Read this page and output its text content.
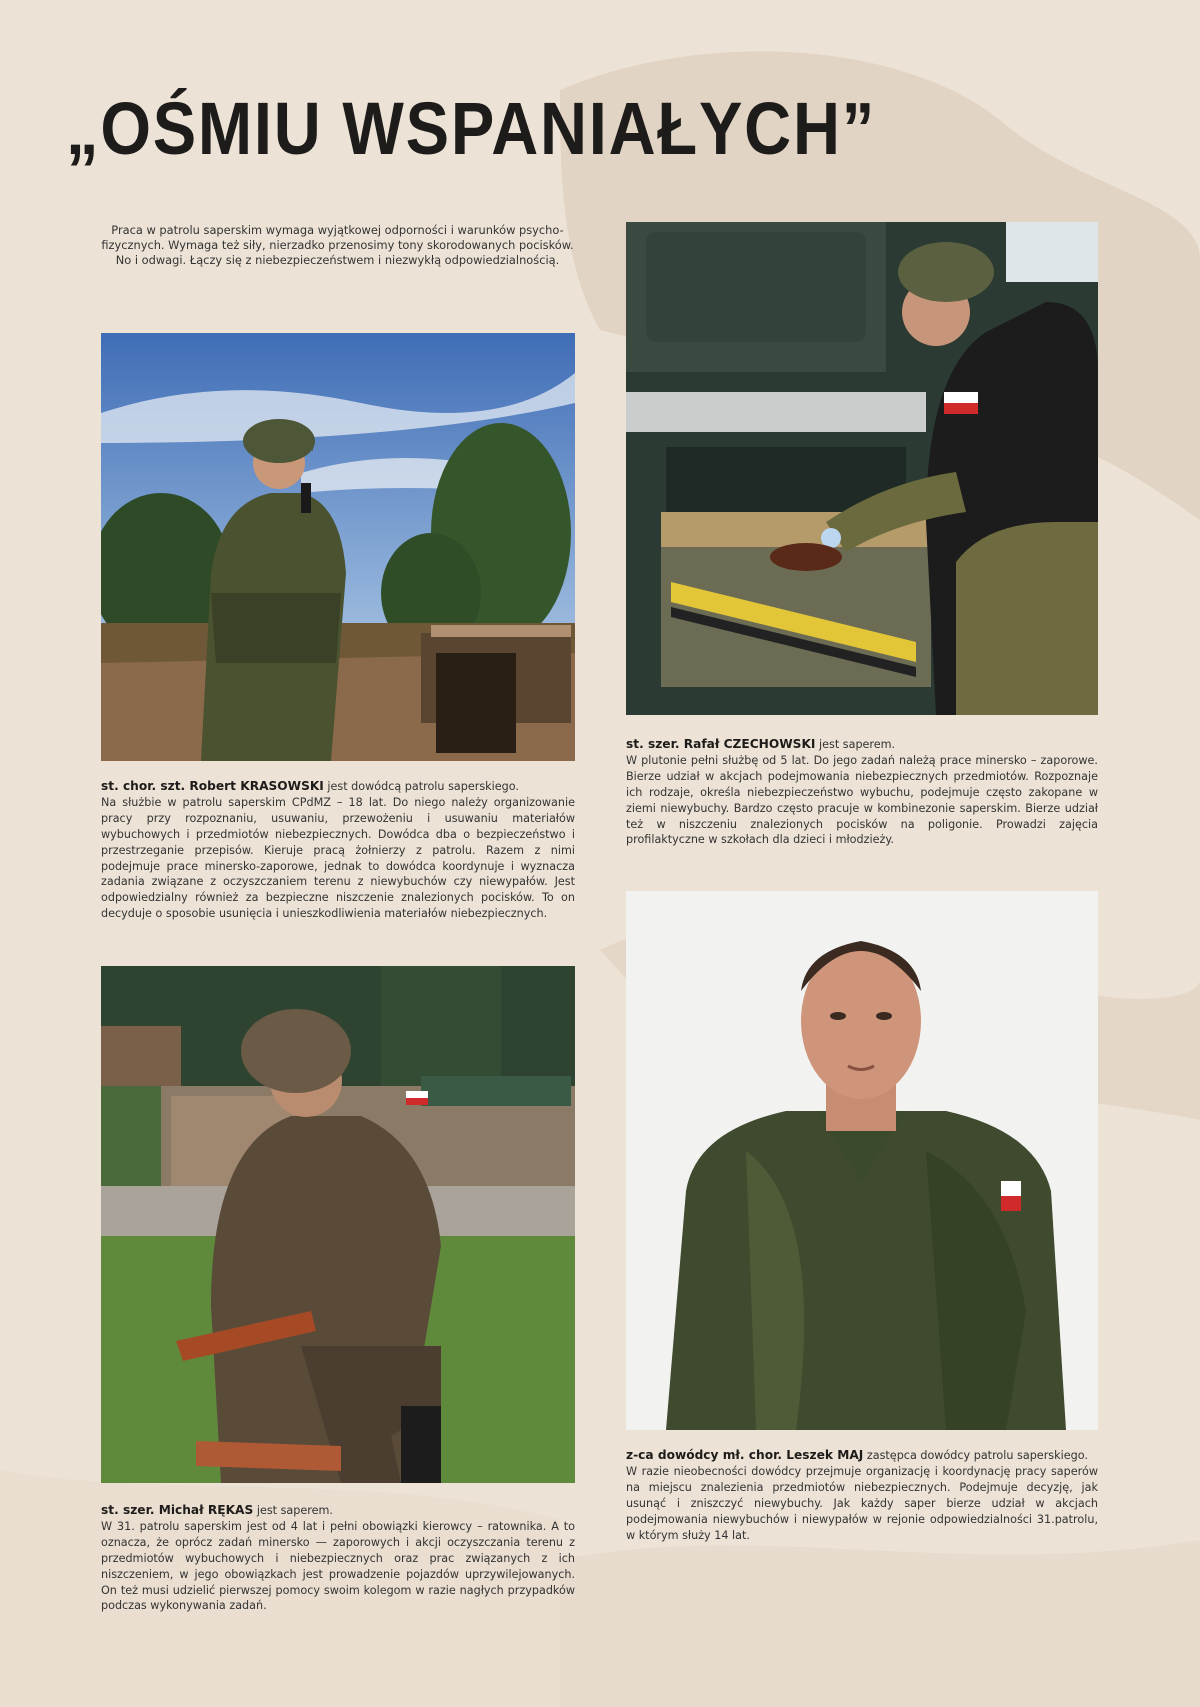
„OŚMIU WSPANIAŁYCH”

Praca w patrolu saperskim wymaga wyjątkowej odporności i warunków psycho-fizycznych. Wymaga też siły, nierzadko przenosimy tony skorodowanych pocisków. No i odwagi. Łączy się z niebezpieczeństwem i niezwykłą odpowiedzialnością.

st. chor. szt. Robert KRASOWSKI jest dowódcą patrolu saperskiego.

Na służbie w patrolu saperskim CPdMZ – 18 lat. Do niego należy organizowanie pracy przy rozpoznaniu, usuwaniu, przewożeniu i usuwaniu materiałów wybuchowych i przedmiotów niebezpiecznych. Dowódca dba o bezpieczeństwo i przestrzeganie przepisów. Kieruje pracą żołnierzy z patrolu. Razem z nimi podejmuje prace minersko-zaporowe, jednak to dowódca koordynuje i wyznacza zadania związane z oczyszczaniem terenu z niewybuchów czy niewypałów. Jest odpowiedzialny również za bezpieczne niszczenie znalezionych pocisków. To on decyduje o sposobie usunięcia i unieszkodliwienia materiałów niebezpiecznych.

st. szer. Rafał CZECHOWSKI jest saperem.

W plutonie pełni służbę od 5 lat. Do jego zadań należą prace minersko – zaporowe. Bierze udział w akcjach podejmowania niebezpiecznych przedmiotów. Rozpoznaje ich rodzaje, określa niebezpieczeństwo wybuchu, podejmuje często zakopane w ziemi niewybuchy. Bardzo często pracuje w kombinezonie saperskim. Bierze udział też w niszczeniu znalezionych pocisków na poligonie. Prowadzi zajęcia profilaktyczne w szkołach dla dzieci i młodzieży.

st. szer. Michał RĘKAS jest saperem.

W 31. patrolu saperskim jest od 4 lat i pełni obowiązki kierowcy – ratownika. A to oznacza, że oprócz zadań minersko — zaporowych i akcji oczyszczania terenu z przedmiotów wybuchowych i niebezpiecznych oraz prac związanych z ich niszczeniem, w jego obowiązkach jest prowadzenie pojazdów uprzywilejowanych. On też musi udzielić pierwszej pomocy swoim kolegom w razie nagłych przypadków podczas wykonywania zadań.

z-ca dowódcy mł. chor. Leszek MAJ zastępca dowódcy patrolu saperskiego.

W razie nieobecności dowódcy przejmuje organizację i koordynację pracy saperów na miejscu znalezienia przedmiotów niebezpiecznych. Podejmuje decyzję, jak usunąć i zniszczyć niewybuchy. Jak każdy saper bierze udział w akcjach podejmowania niewybuchów i niewypałów w rejonie odpowiedzialności 31.patrolu, w którym służy 14 lat.
